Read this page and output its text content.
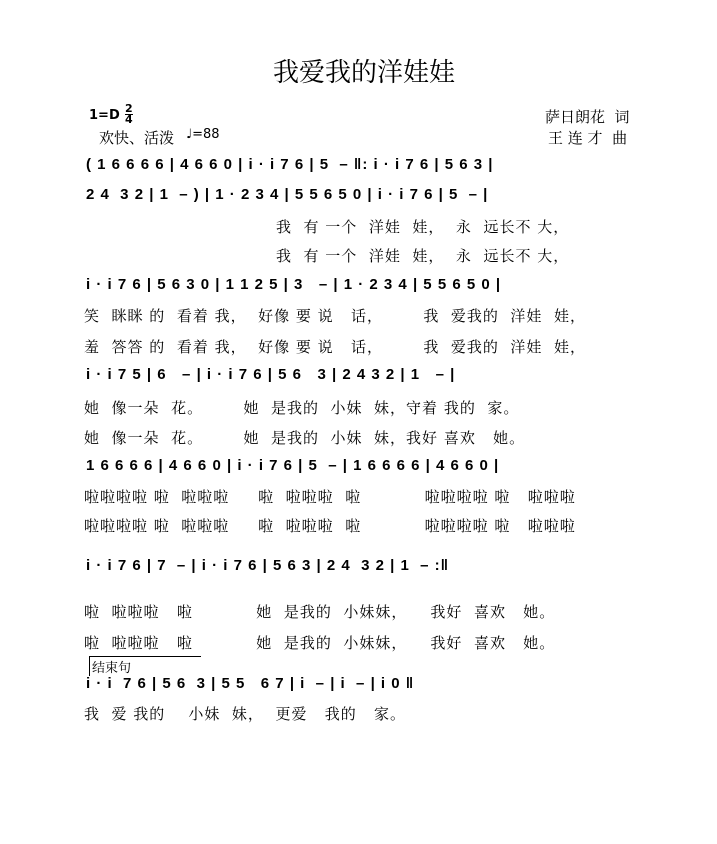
我爱我的洋娃娃
1=D 2
4
欢快、活泼 ♩=88
萨日朗花  词
王 连 才  曲
( 1 6 6 6 6 | 4 6 6 0 | i · i 7 6 | 5  – ‖: i · i 7 6 | 5 6 3 |
2 4  3 2 | 1  – ) | 1 · 2 3 4 | 5 5 6 5 0 | i · i 7 6 | 5  – |
我  有 一个  洋娃  娃，  永  远长不 大，
我  有 一个  洋娃  娃，  永  远长不 大，
i · i 7 6 | 5 6 3 0 | 1 1 2 5 | 3   – | 1 · 2 3 4 | 5 5 6 5 0 |
笑  眯眯 的  看着 我，  好像 要 说   话，       我  爱我的  洋娃  娃，
羞  答答 的  看着 我，  好像 要 说   话，       我  爱我的  洋娃  娃，
i · i 7 5 | 6   – | i · i 7 6 | 5 6   3 | 2 4 3 2 | 1   – |
她  像一朵  花。       她  是我的  小妹  妹，守着 我的  家。
她  像一朵  花。       她  是我的  小妹  妹，我好 喜欢   她。
1 6 6 6 6 | 4 6 6 0 | i · i 7 6 | 5  – | 1 6 6 6 6 | 4 6 6 0 |
啦啦啦啦 啦  啦啦啦     啦  啦啦啦  啦           啦啦啦啦 啦   啦啦啦
啦啦啦啦 啦  啦啦啦     啦  啦啦啦  啦           啦啦啦啦 啦   啦啦啦
i · i 7 6 | 7  – | i · i 7 6 | 5 6 3 | 2 4  3 2 | 1  – :‖
啦  啦啦啦   啦           她  是我的  小妹妹，    我好  喜欢   她。
啦  啦啦啦   啦           她  是我的  小妹妹，    我好  喜欢   她。
结束句
i · i  7 6 | 5 6  3 | 5 5   6 7 | i  – | i  – | i 0 ‖
我  爱 我的    小妹  妹，  更爱   我的   家。
